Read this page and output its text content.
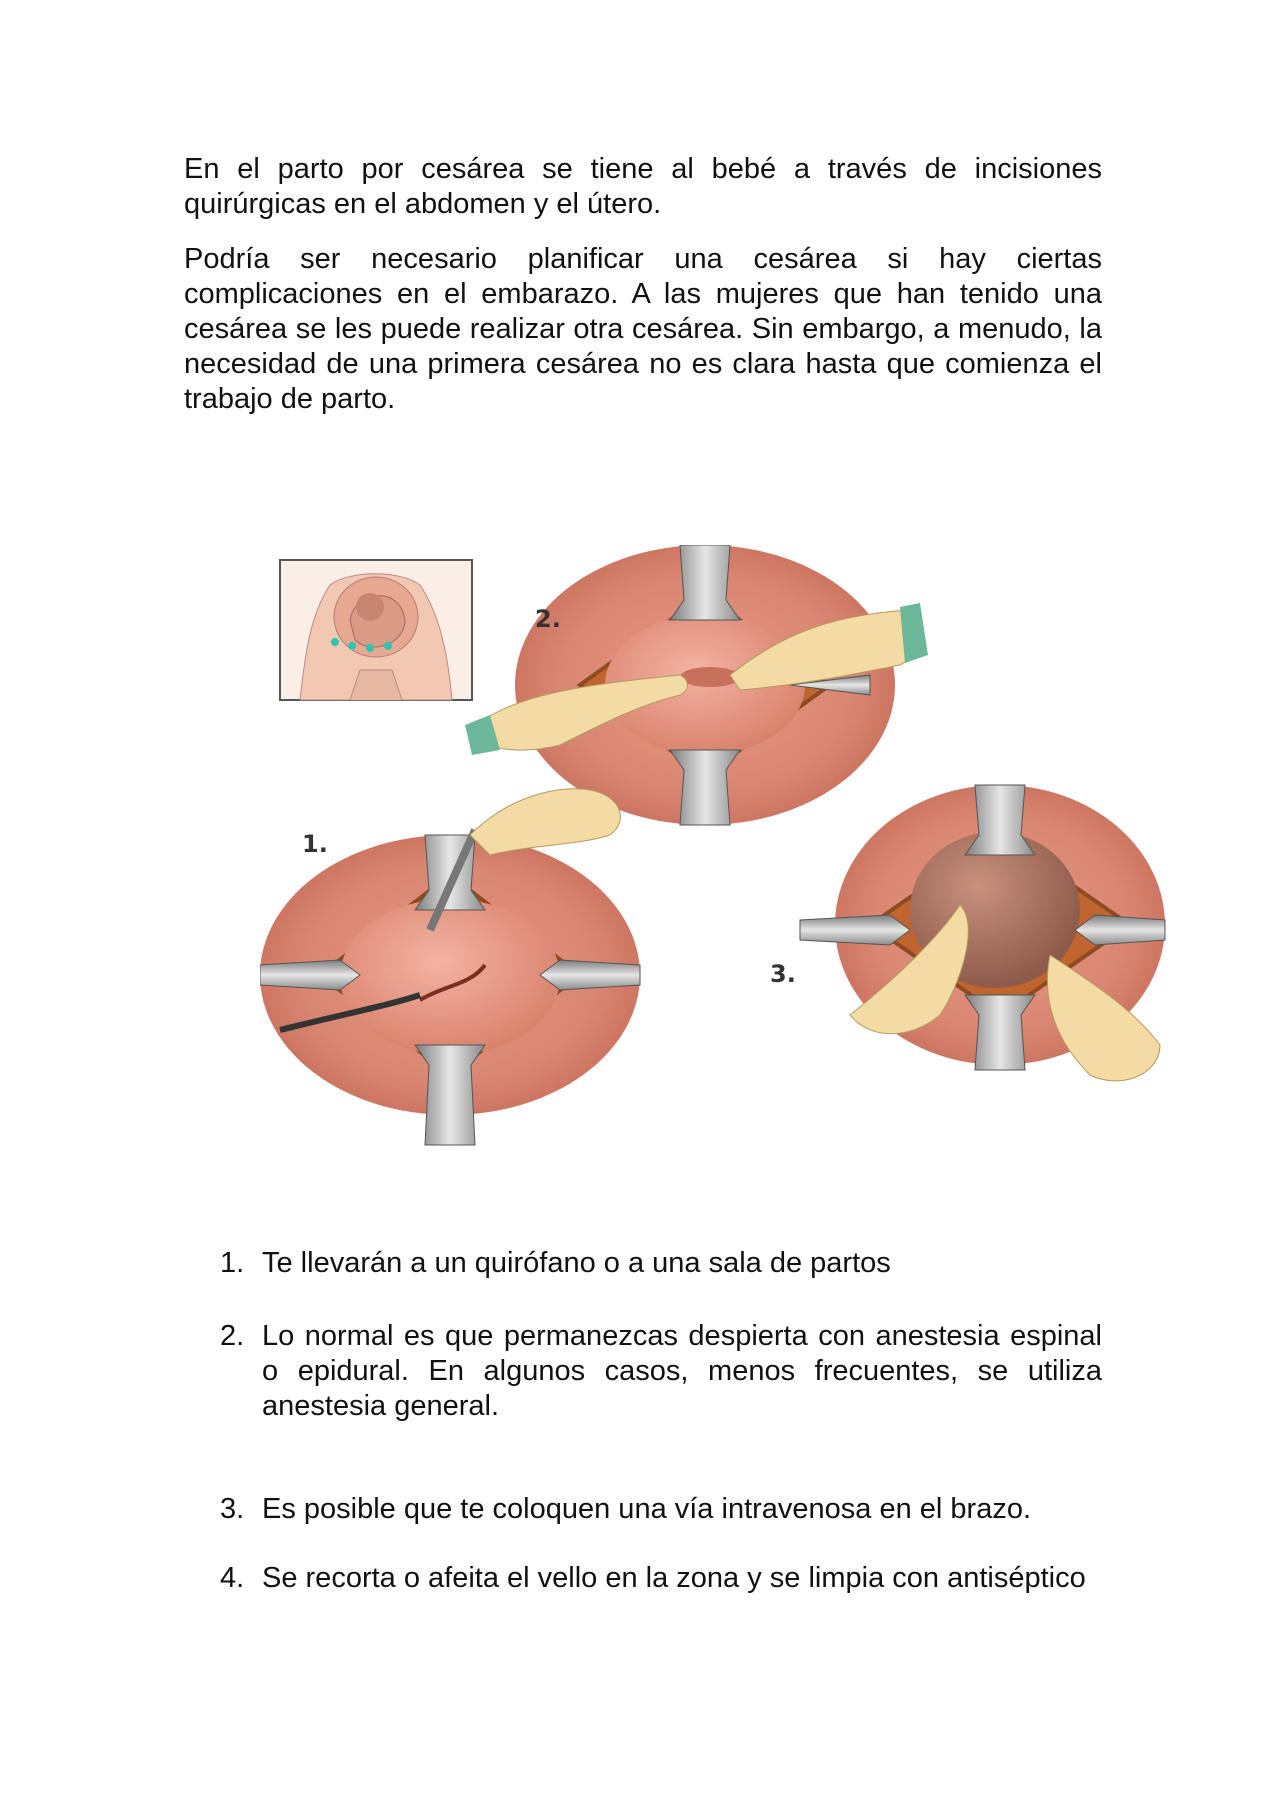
En el parto por cesárea se tiene al bebé a través de incisiones quirúrgicas en el abdomen y el útero.

Podría ser necesario planificar una cesárea si hay ciertas complicaciones en el embarazo. A las mujeres que han tenido una cesárea se les puede realizar otra cesárea. Sin embargo, a menudo, la necesidad de una primera cesárea no es clara hasta que comienza el trabajo de parto.

2.
1.
3.
1. Te llevarán a un quirófano o a una sala de partos
2. Lo normal es que permanezcas despierta con anestesia espinal o epidural. En algunos casos, menos frecuentes, se utiliza anestesia general.
3. Es posible que te coloquen una vía intravenosa en el brazo.
4. Se recorta o afeita el vello en la zona y se limpia con antiséptico
